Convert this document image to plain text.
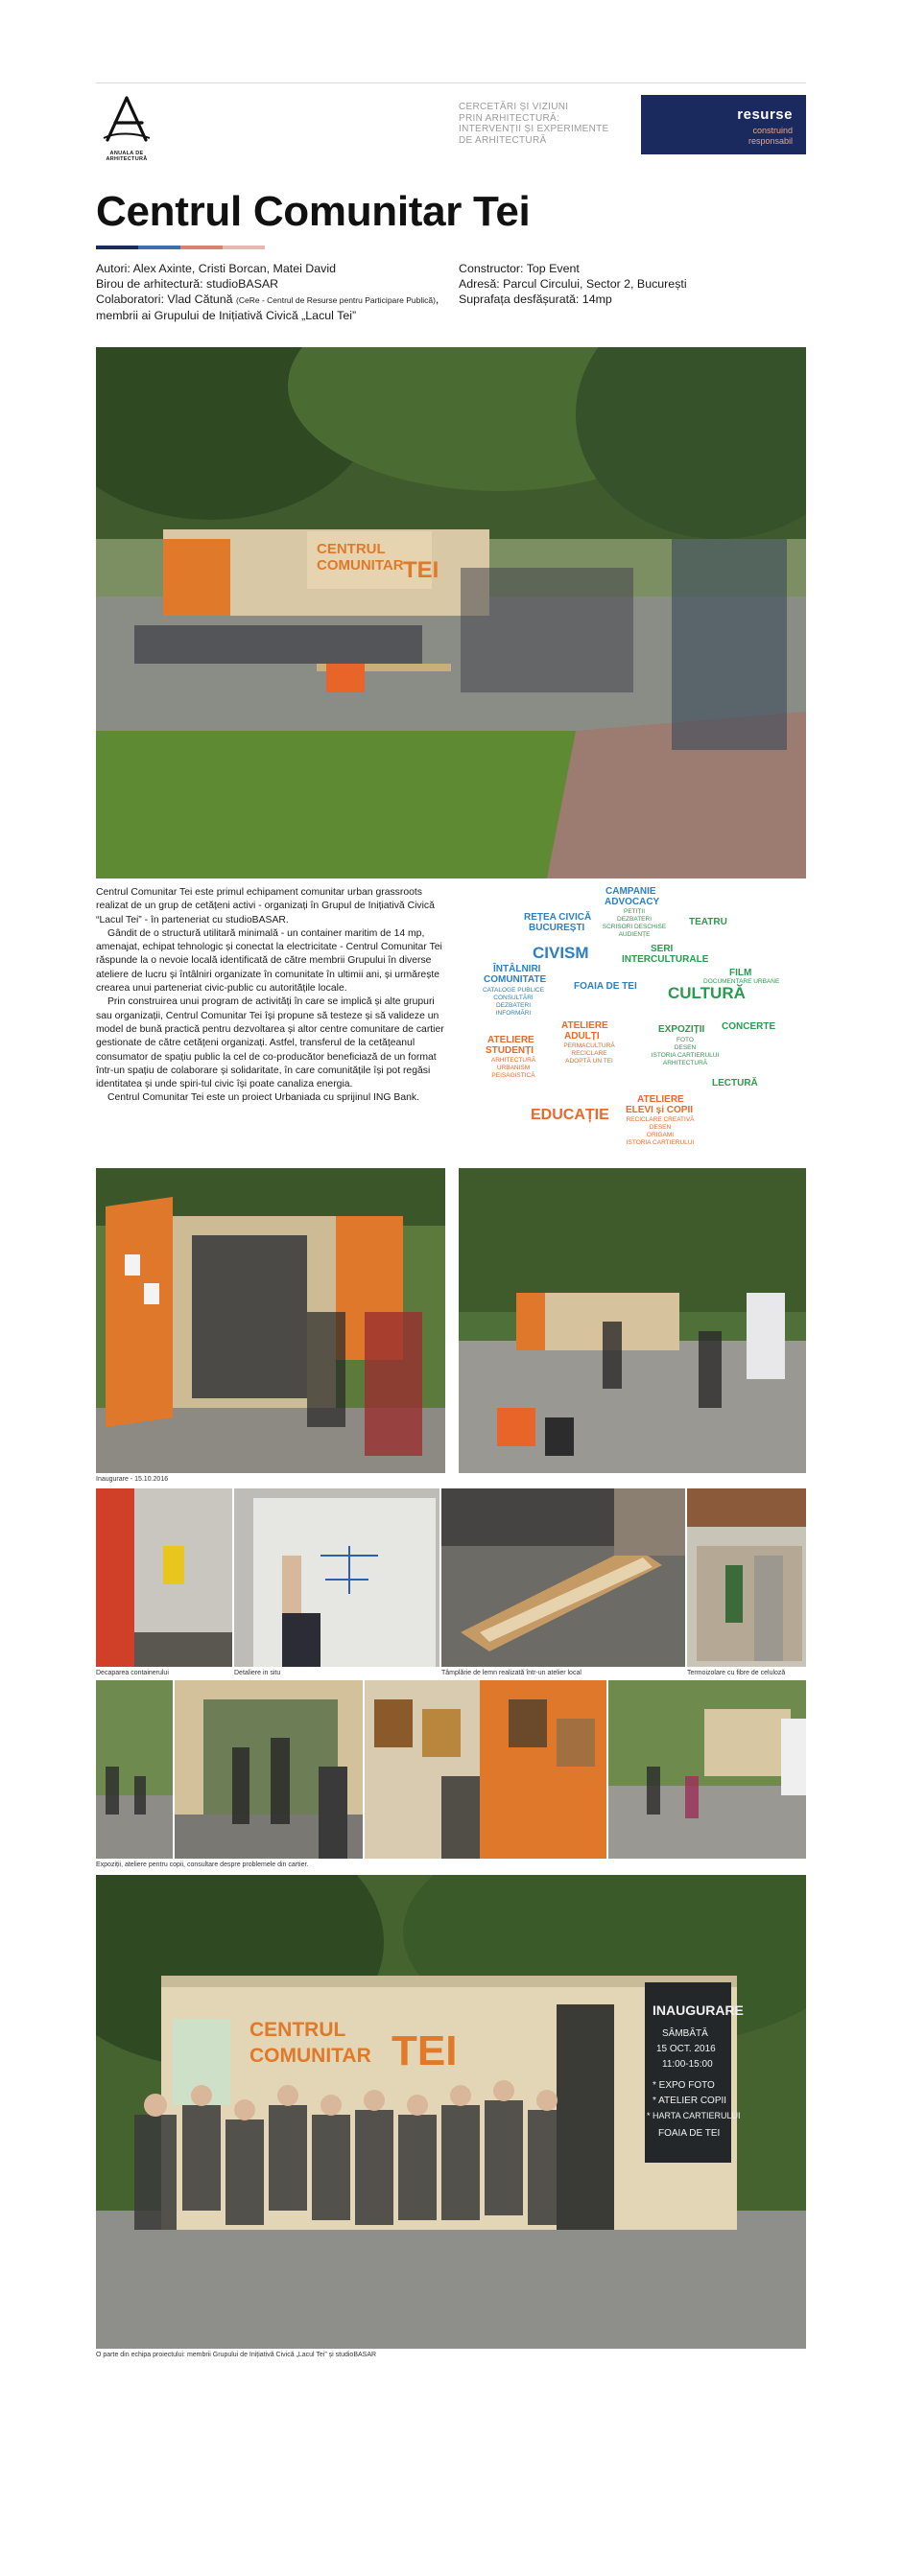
ANUALA DE ARHITECTURĂ
CERCETĂRI ȘI VIZIUNI
PRIN ARHITECTURĂ:
INTERVENȚII ȘI EXPERIMENTE
DE ARHITECTURĂ
resurse
construind
responsabil
Centrul Comunitar Tei
Autori: Alex Axinte, Cristi Borcan, Matei David
Birou de arhitectură: studioBASAR
Colaboratori: Vlad Cătună (CeRe - Centrul de Resurse pentru Participare Publică), membrii ai Grupului de Inițiativă Civică „Lacul Tei”
Constructor: Top Event
Adresă: Parcul Circului, Sector 2, București
Suprafața desfășurată: 14mp
CENTRUL
COMUNITAR TEI

Centrul Comunitar Tei este primul echipament comunitar urban grassroots realizat de un grup de cetățeni activi - organizați în Grupul de Inițiativă Civică “Lacul Tei” - în parteneriat cu studioBASAR.

Gândit de o structură utilitară minimală - un container maritim de 14 mp, amenajat, echipat tehnologic și conectat la electricitate - Centrul Comunitar Tei răspunde la o nevoie locală identificată de către membrii Grupului în diverse ateliere de lucru și întâlniri organizate în comunitate în ultimii ani, și urmărește crearea unui parteneriat civic-public cu autoritățile locale.

Prin construirea unui program de activități în care se implică și alte grupuri sau organizații, Centrul Comunitar Tei își propune să testeze și să valideze un model de bună practică pentru dezvoltarea și altor centre comunitare de cartier gestionate de către cetățeni organizați. Astfel, transferul de la cetățeanul consumator de spațiu public la cel de co-producător beneficiază de un format într-un spațiu de colaborare și solidaritate, în care comunitățile își pot regăsi identitatea și unde spiri-tul civic își poate canaliza energia.

Centrul Comunitar Tei este un proiect Urbaniada cu sprijinul ING Bank.

CAMPANIE
ADVOCACY
PETIȚII
DEZBATERI
SCRISORI DESCHISE
AUDIENȚE
REȚEA CIVICĂ
BUCUREȘTI
TEATRU
CIVISM	SERI
INTERCULTURALE
ÎNTÂLNIRI
COMUNITATE
CATALOGE PUBLICE
CONSULTĂRI
DEZBATERI
INFORMĂRI
FOAIA DE TEI
FILM
DOCUMENTARE URBANE
CULTURĂ
CONCERTE
ATELIERE
ADULȚI
PERMACULTURĂ
RECICLARE
ADOPTĂ UN TEI
EXPOZIȚII
FOTO
DESEN
ISTORIA CARTIERULUI
ARHITECTURĂ
ATELIERE
STUDENȚI
ARHITECTURĂ
URBANISM
PEISAGISTICĂ
LECTURĂ
EDUCAȚIE
ATELIERE
ELEVI și COPII
RECICLARE CREATIVĂ
DESEN
ORIGAMI
ISTORIA CARTIERULUI
Inaugurare - 15.10.2016
Decaparea containerului	Detaliere in situ	Tâmplărie de lemn realizată într-un atelier local	Termoizolare cu fibre de celuloză
Expoziții, ateliere pentru copii, consultare despre problemele din cartier.
CENTRUL
COMUNITAR TEI
INAUGURARE
SÂMBĂTĂ
15 OCT. 2016
11:00-15:00
* EXPO FOTO
* ATELIER COPII
* HARTA CARTIERULUI
FOAIA DE TEI
O parte din echipa proiectului: membrii Grupului de Inițiativă Civică „Lacul Tei” și studioBASAR
